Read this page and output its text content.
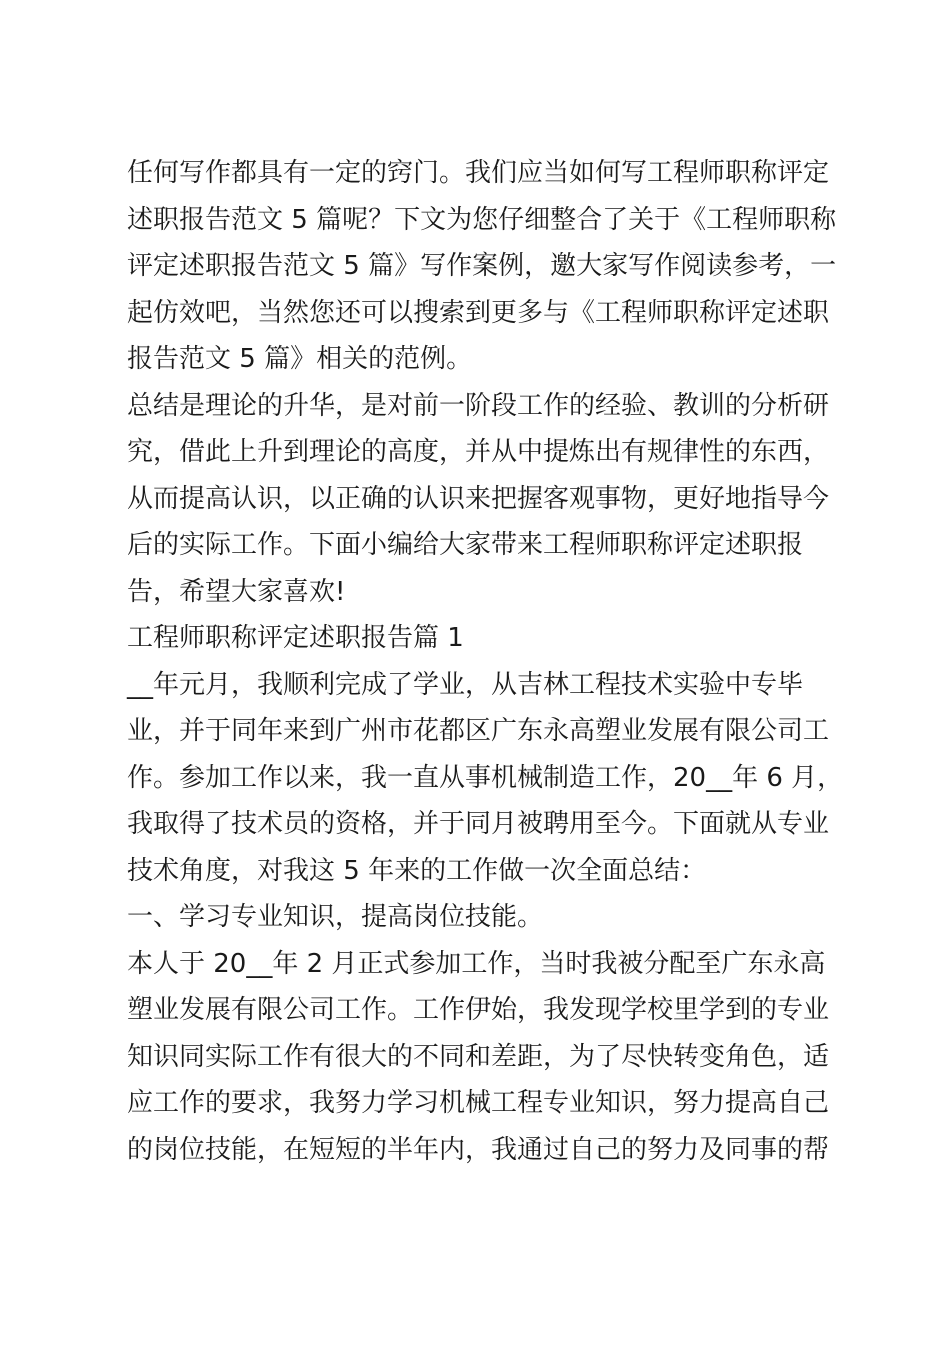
任何写作都具有一定的窍门。我们应当如何写工程师职称评定
述职报告范文 5 篇呢？下文为您仔细整合了关于《工程师职称
评定述职报告范文 5 篇》写作案例，邀大家写作阅读参考，一
起仿效吧，当然您还可以搜索到更多与《工程师职称评定述职
报告范文 5 篇》相关的范例。
总结是理论的升华，是对前一阶段工作的经验、教训的分析研
究，借此上升到理论的高度，并从中提炼出有规律性的东西，
从而提高认识，以正确的认识来把握客观事物，更好地指导今
后的实际工作。下面小编给大家带来工程师职称评定述职报
告，希望大家喜欢!
工程师职称评定述职报告篇 1
__年元月，我顺利完成了学业，从吉林工程技术实验中专毕
业，并于同年来到广州市花都区广东永高塑业发展有限公司工
作。参加工作以来，我一直从事机械制造工作，20__年 6 月，
我取得了技术员的资格，并于同月被聘用至今。下面就从专业
技术角度，对我这 5 年来的工作做一次全面总结：
一、学习专业知识，提高岗位技能。
本人于 20__年 2 月正式参加工作，当时我被分配至广东永高
塑业发展有限公司工作。工作伊始，我发现学校里学到的专业
知识同实际工作有很大的不同和差距，为了尽快转变角色，适
应工作的要求，我努力学习机械工程专业知识，努力提高自己
的岗位技能，在短短的半年内，我通过自己的努力及同事的帮
